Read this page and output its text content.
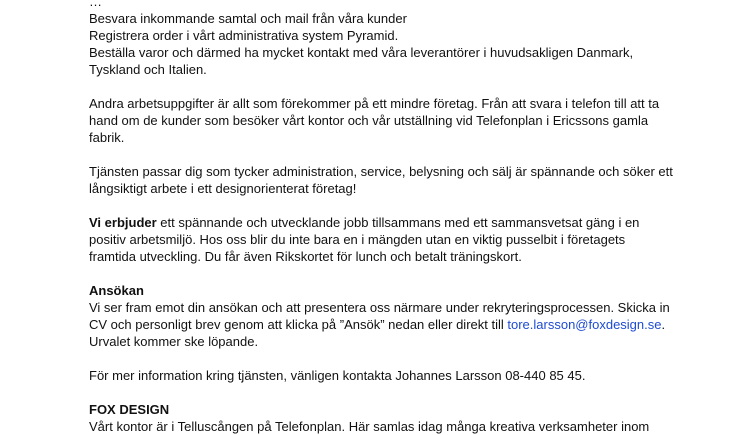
…

Besvara inkommande samtal och mail från våra kunder

Registrera order i vårt administrativa system Pyramid.

Beställa varor och därmed ha mycket kontakt med våra leverantörer i huvudsakligen Danmark,

Tyskland och Italien.

Andra arbetsuppgifter är allt som förekommer på ett mindre företag. Från att svara i telefon till att ta

hand om de kunder som besöker vårt kontor och vår utställning vid Telefonplan i Ericssons gamla

fabrik.

Tjänsten passar dig som tycker administration, service, belysning och sälj är spännande och söker ett

långsiktigt arbete i ett designorienterat företag!

Vi erbjuder ett spännande och utvecklande jobb tillsammans med ett sammansvetsat gäng i en

positiv arbetsmiljö. Hos oss blir du inte bara en i mängden utan en viktig pusselbit i företagets

framtida utveckling. Du får även Rikskortet för lunch och betalt träningskort.

Ansökan

Vi ser fram emot din ansökan och att presentera oss närmare under rekryteringsprocessen. Skicka in

CV och personligt brev genom att klicka på ”Ansök” nedan eller direkt till tore.larsson@foxdesign.se.

Urvalet kommer ske löpande.

För mer information kring tjänsten, vänligen kontakta Johannes Larsson 08-440 85 45.

FOX DESIGN

Vårt kontor är i Telluscången på Telefonplan. Här samlas idag många kreativa verksamheter inom
